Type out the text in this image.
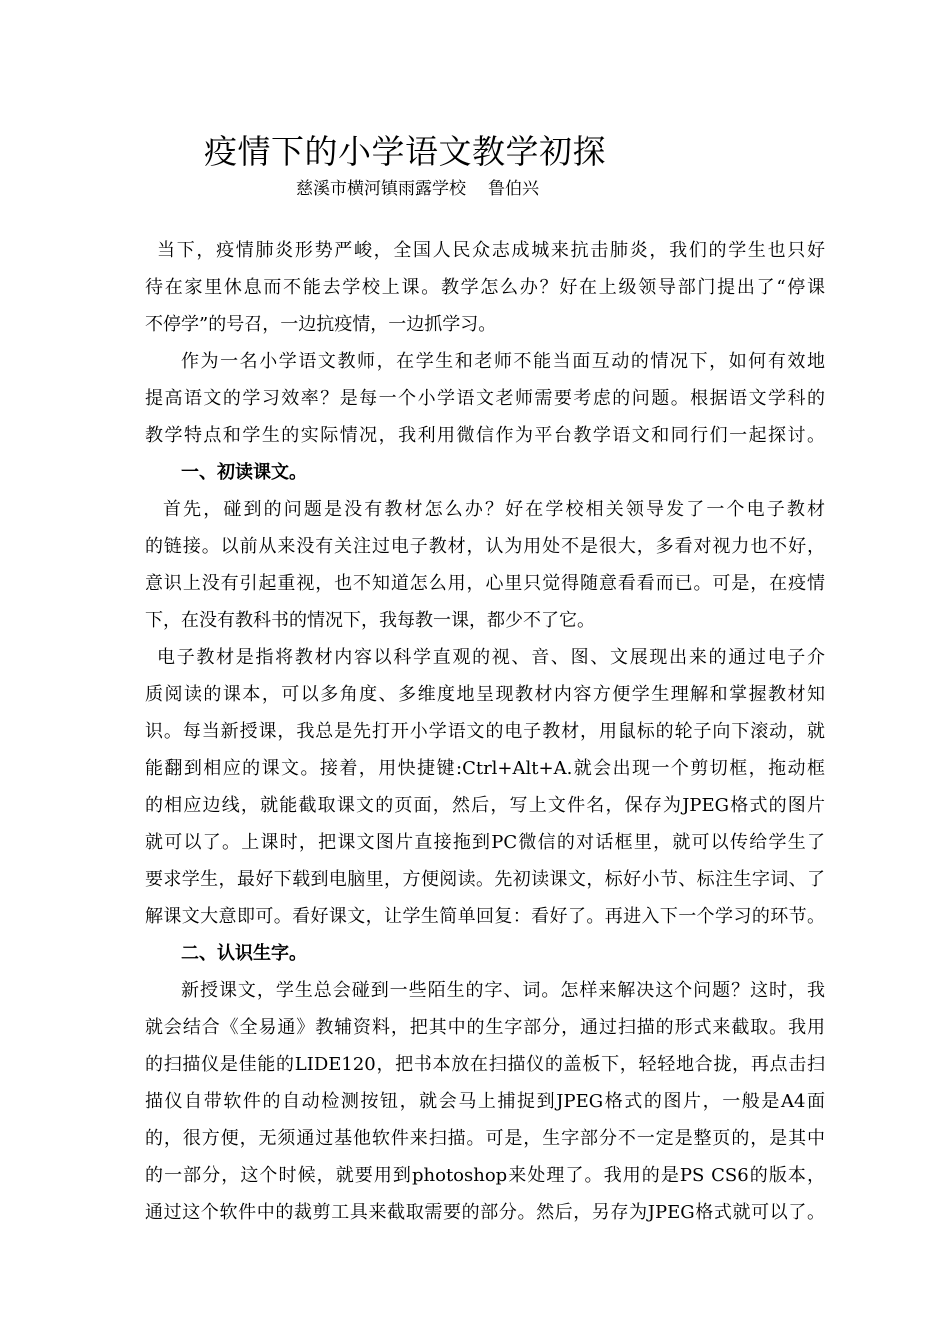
疫情下的小学语文教学初探
慈溪市横河镇雨露学校 鲁伯兴

当下，疫情肺炎形势严峻，全国人民众志成城来抗击肺炎，我们的学生也只好

待在家里休息而不能去学校上课。教学怎么办？好在上级领导部门提出了“停课

不停学”的号召，一边抗疫情，一边抓学习。

作为一名小学语文教师，在学生和老师不能当面互动的情况下，如何有效地

提高语文的学习效率？是每一个小学语文老师需要考虑的问题。根据语文学科的

教学特点和学生的实际情况，我利用微信作为平台教学语文和同行们一起探讨。

一、初读课文。

首先，碰到的问题是没有教材怎么办？好在学校相关领导发了一个电子教材

的链接。以前从来没有关注过电子教材，认为用处不是很大，多看对视力也不好，

意识上没有引起重视，也不知道怎么用，心里只觉得随意看看而已。可是，在疫情

下，在没有教科书的情况下，我每教一课，都少不了它。

电子教材是指将教材内容以科学直观的视、音、图、文展现出来的通过电子介

质阅读的课本，可以多角度、多维度地呈现教材内容方便学生理解和掌握教材知

识。每当新授课，我总是先打开小学语文的电子教材，用鼠标的轮子向下滚动，就

能翻到相应的课文。接着，用快捷键:Ctrl+Alt+A.就会出现一个剪切框，拖动框

的相应边线，就能截取课文的页面，然后，写上文件名，保存为JPEG格式的图片

就可以了。上课时，把课文图片直接拖到PC微信的对话框里，就可以传给学生了

要求学生，最好下载到电脑里，方便阅读。先初读课文，标好小节、标注生字词、了

解课文大意即可。看好课文，让学生简单回复：看好了。再进入下一个学习的环节。

二、认识生字。

新授课文，学生总会碰到一些陌生的字、词。怎样来解决这个问题？这时，我

就会结合《全易通》教辅资料，把其中的生字部分，通过扫描的形式来截取。我用

的扫描仪是佳能的LIDE120，把书本放在扫描仪的盖板下，轻轻地合拢，再点击扫

描仪自带软件的自动检测按钮，就会马上捕捉到JPEG格式的图片，一般是A4面

的，很方便，无须通过基他软件来扫描。可是，生字部分不一定是整页的，是其中

的一部分，这个时候，就要用到photoshop来处理了。我用的是PS CS6的版本，

通过这个软件中的裁剪工具来截取需要的部分。然后，另存为JPEG格式就可以了。
